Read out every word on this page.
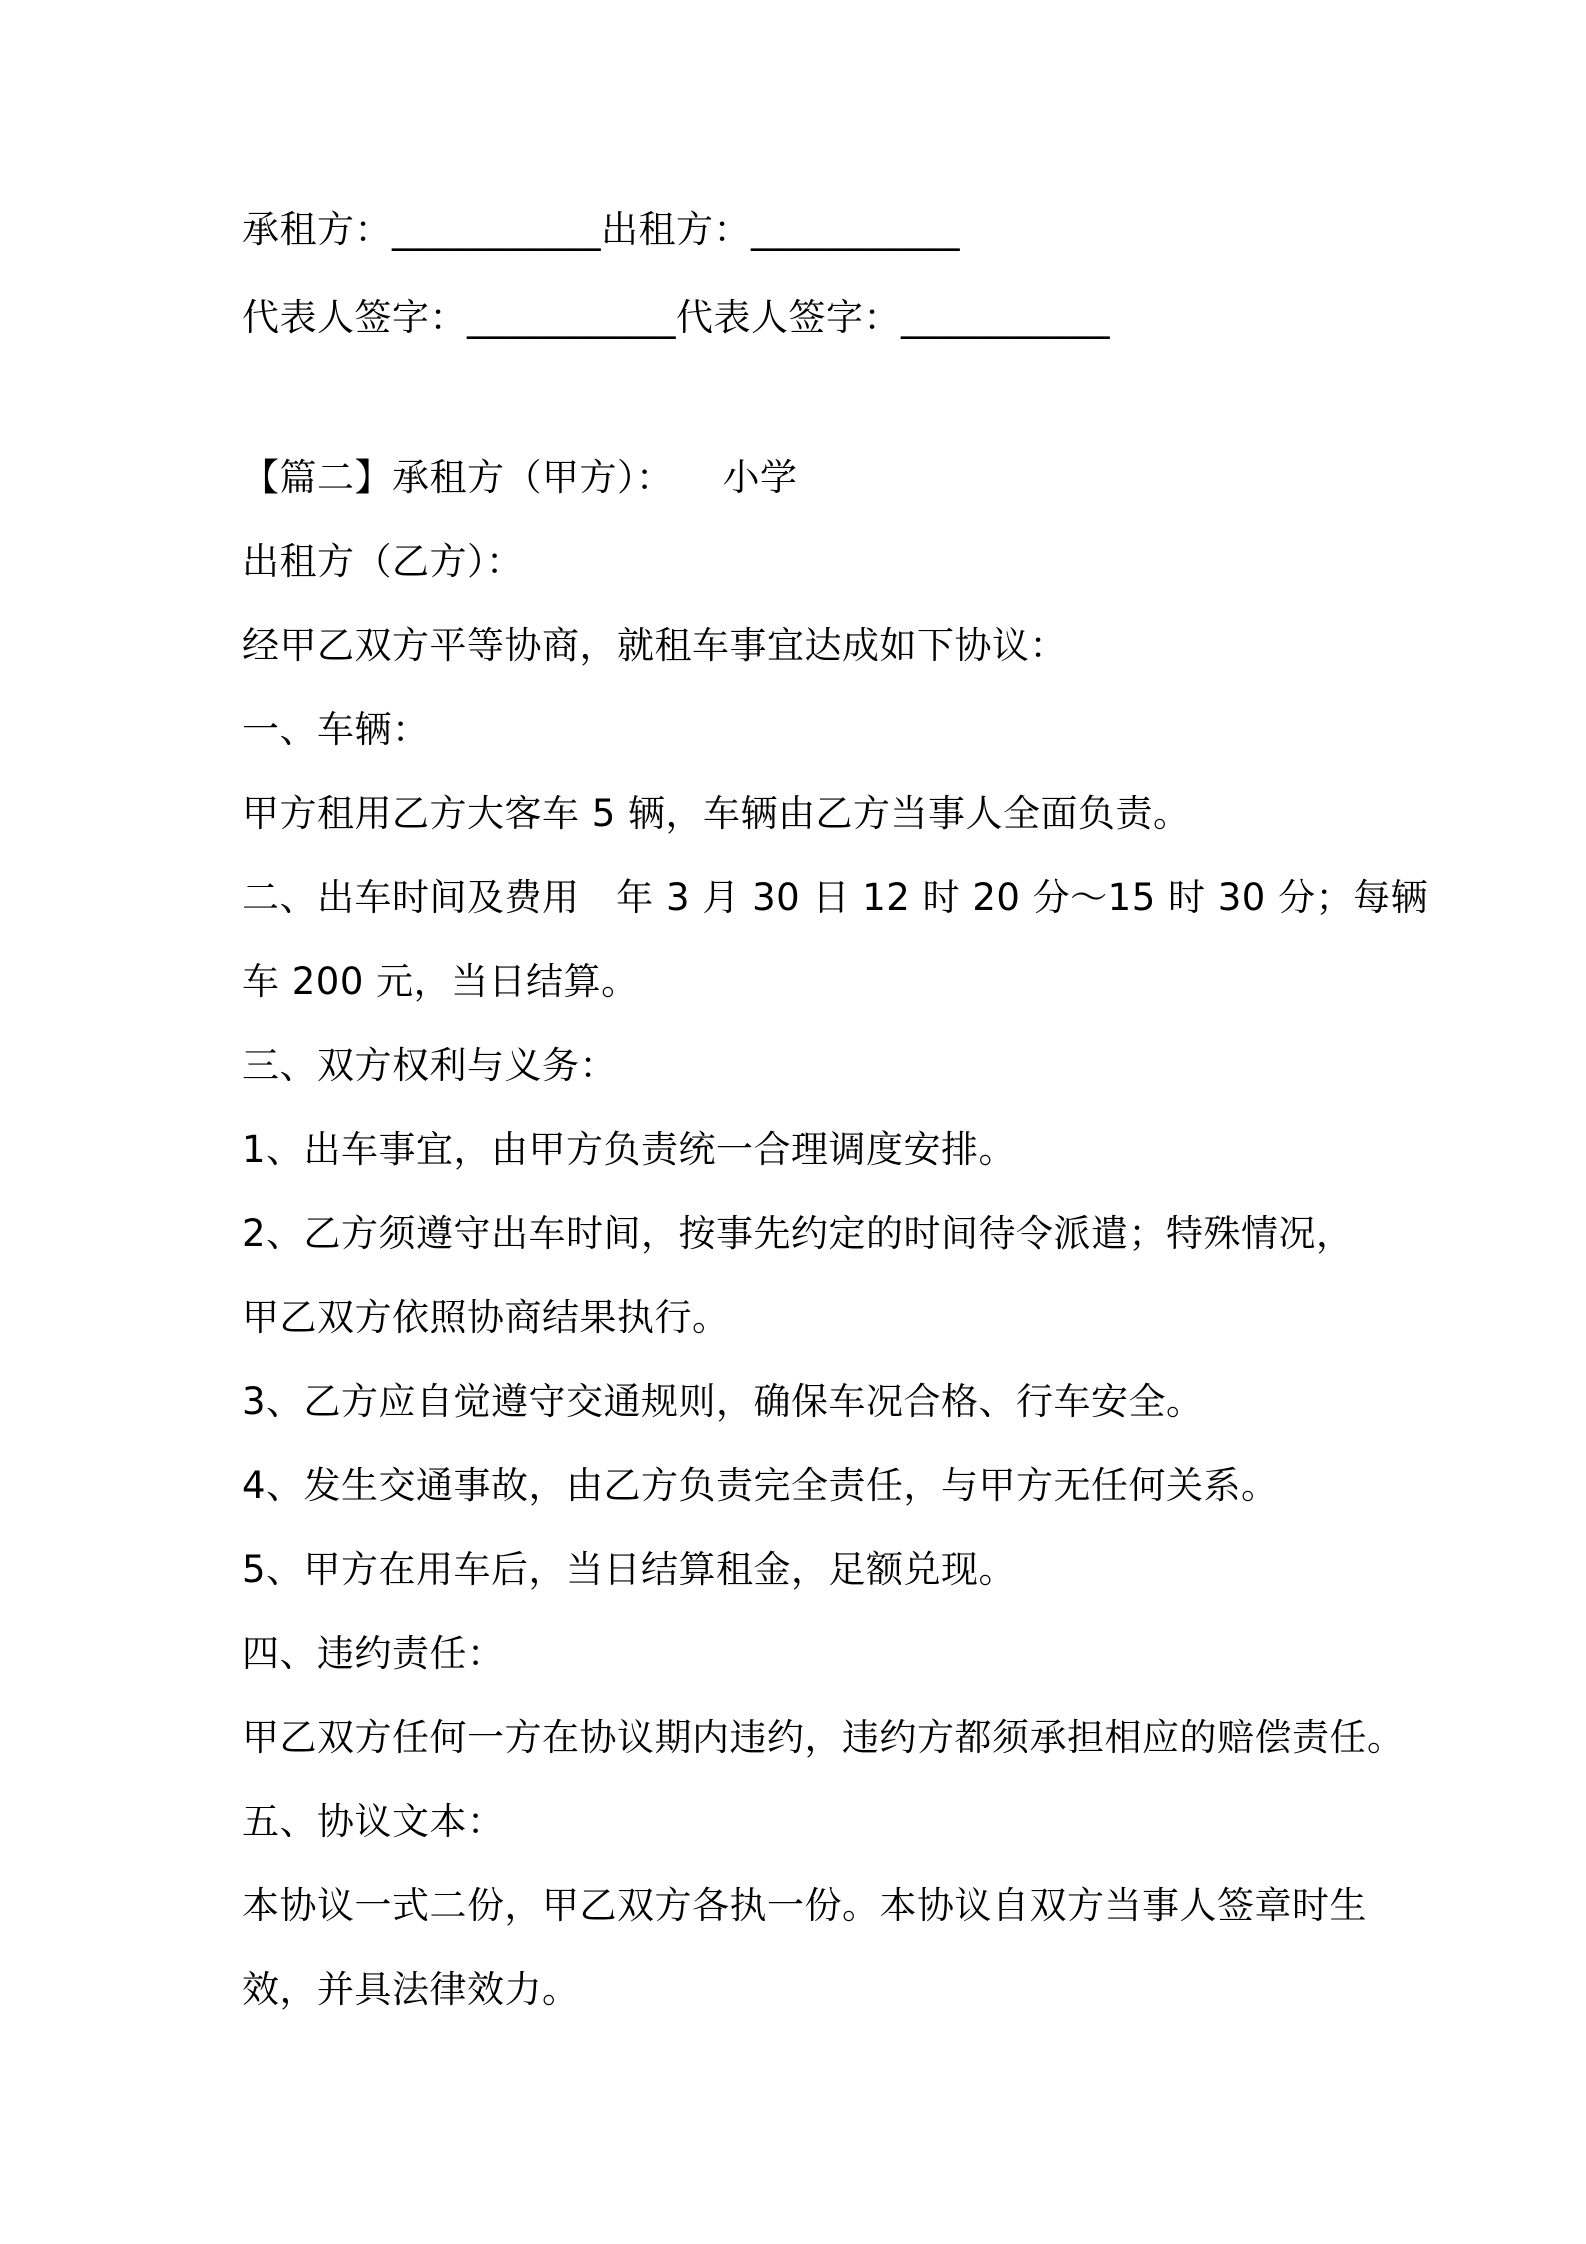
承租方：___________出租方：___________
代表人签字：___________代表人签字：___________
【篇二】承租方（甲方）：    小学
出租方（乙方）：
经甲乙双方平等协商，就租车事宜达成如下协议：
一、车辆：
甲方租用乙方大客车 5 辆，车辆由乙方当事人全面负责。
二、出车时间及费用   年 3 月 30 日 12 时 20 分～15 时 30 分；每辆
车 200 元，当日结算。
三、双方权利与义务：
1、出车事宜，由甲方负责统一合理调度安排。
2、乙方须遵守出车时间，按事先约定的时间待令派遣；特殊情况，
甲乙双方依照协商结果执行。
3、乙方应自觉遵守交通规则，确保车况合格、行车安全。
4、发生交通事故，由乙方负责完全责任，与甲方无任何关系。
5、甲方在用车后，当日结算租金，足额兑现。
四、违约责任：
甲乙双方任何一方在协议期内违约，违约方都须承担相应的赔偿责任。
五、协议文本：
本协议一式二份，甲乙双方各执一份。本协议自双方当事人签章时生
效，并具法律效力。
